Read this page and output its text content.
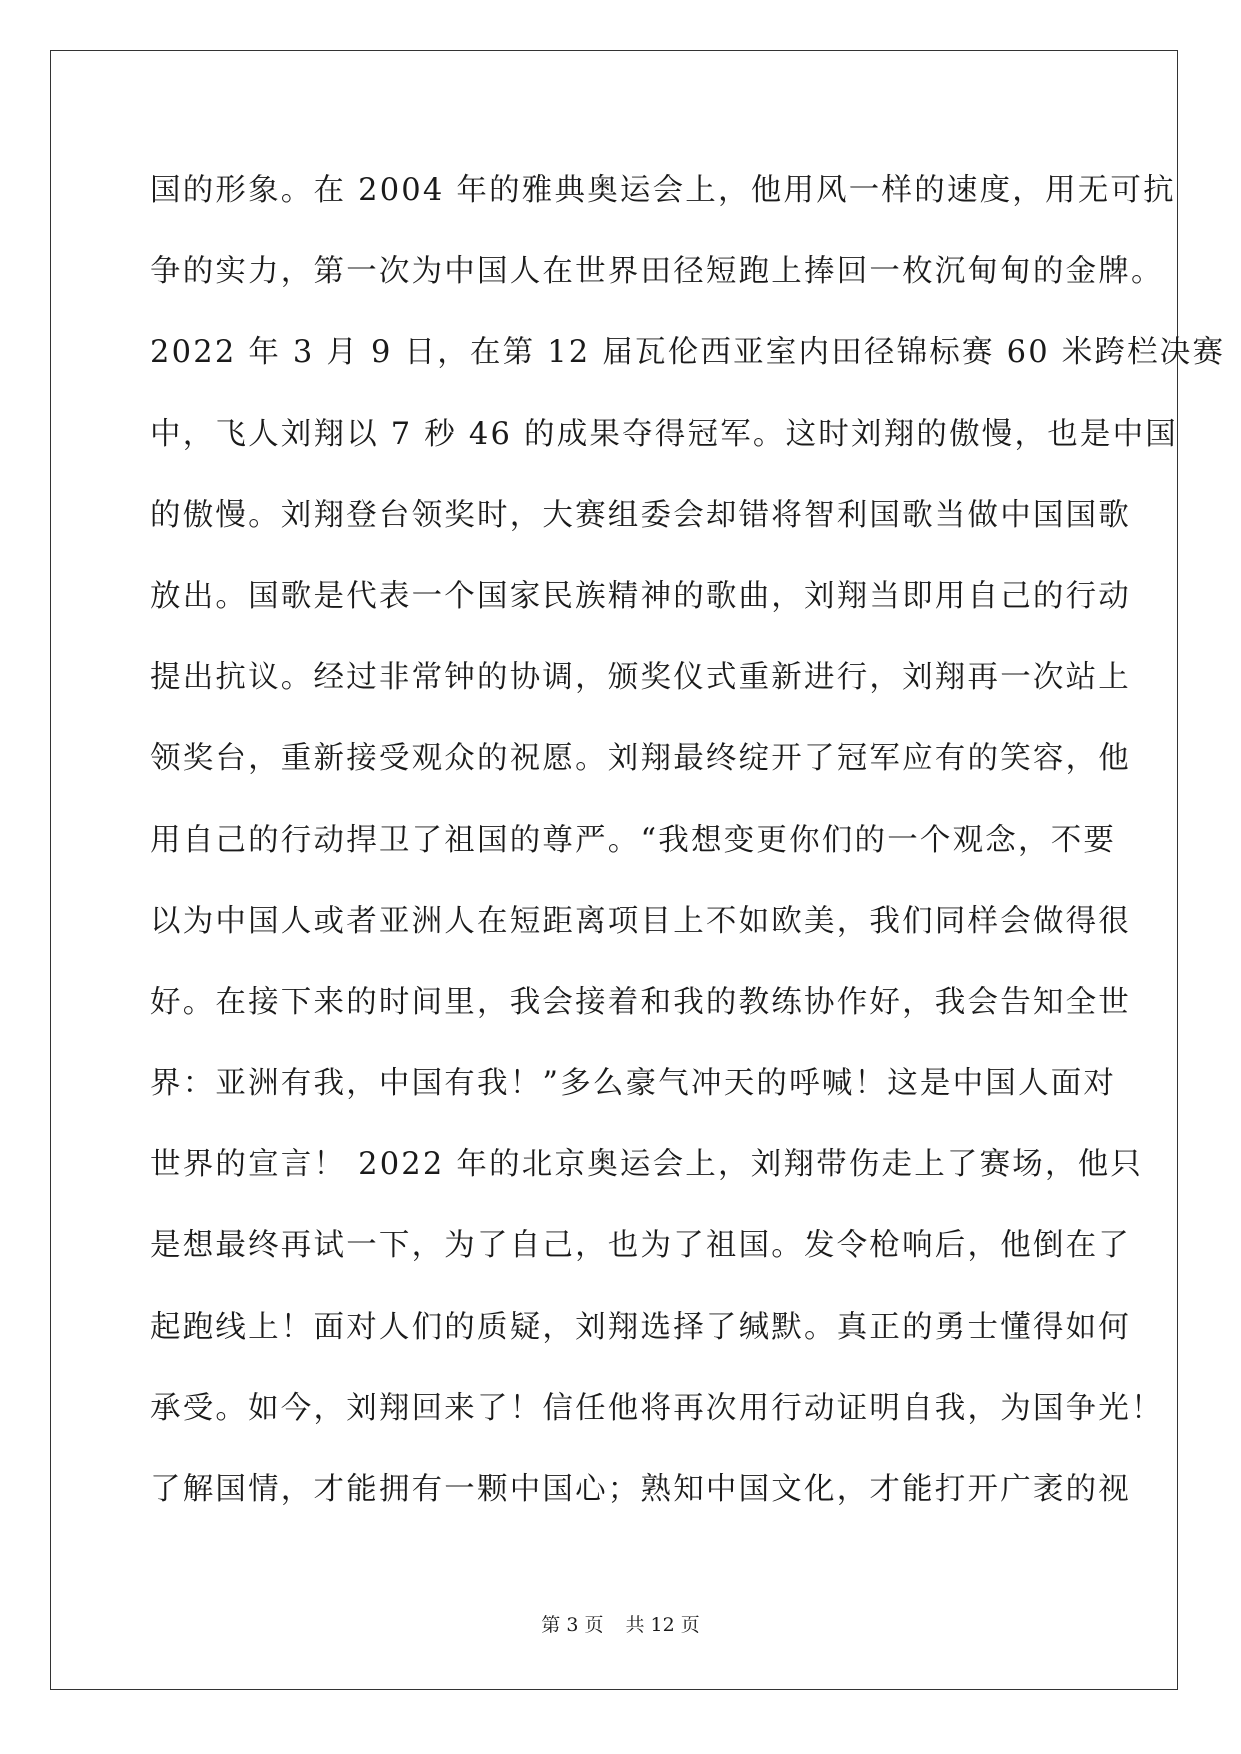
国的形象。在 2004 年的雅典奥运会上，他用风一样的速度，用无可抗
争的实力，第一次为中国人在世界田径短跑上捧回一枚沉甸甸的金牌。
2022 年 3 月 9 日，在第 12 届瓦伦西亚室内田径锦标赛 60 米跨栏决赛
中，飞人刘翔以 7 秒 46 的成果夺得冠军。这时刘翔的傲慢，也是中国
的傲慢。刘翔登台领奖时，大赛组委会却错将智利国歌当做中国国歌
放出。国歌是代表一个国家民族精神的歌曲，刘翔当即用自己的行动
提出抗议。经过非常钟的协调，颁奖仪式重新进行，刘翔再一次站上
领奖台，重新接受观众的祝愿。刘翔最终绽开了冠军应有的笑容，他
用自己的行动捍卫了祖国的尊严。“我想变更你们的一个观念，不要
以为中国人或者亚洲人在短距离项目上不如欧美，我们同样会做得很
好。在接下来的时间里，我会接着和我的教练协作好，我会告知全世
界：亚洲有我，中国有我！”多么豪气冲天的呼喊！这是中国人面对
世界的宣言！ 2022 年的北京奥运会上，刘翔带伤走上了赛场，他只
是想最终再试一下，为了自己，也为了祖国。发令枪响后，他倒在了
起跑线上！面对人们的质疑，刘翔选择了缄默。真正的勇士懂得如何
承受。如今，刘翔回来了！信任他将再次用行动证明自我，为国争光！
了解国情，才能拥有一颗中国心；熟知中国文化，才能打开广袤的视
第 3 页 共 12 页
